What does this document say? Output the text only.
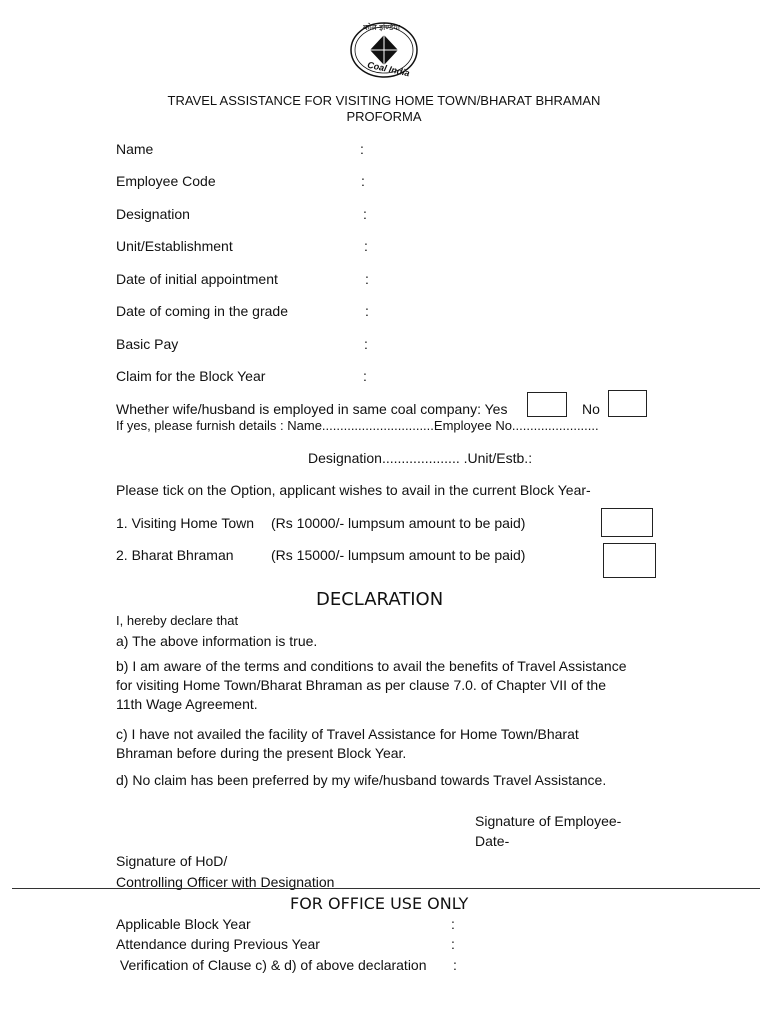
कोल इण्डिया
Coal India
TRAVEL ASSISTANCE FOR VISITING HOME TOWN/BHARAT BHRAMAN
PROFORMA
Name	:
Employee Code	:
Designation	:
Unit/Establishment	:
Date of initial appointment	:
Date of coming in the grade	:
Basic Pay	:
Claim for the Block Year	:
Whether wife/husband is employed in same coal company: Yes	No
If yes, please furnish details : Name...............................Employee No........................
Designation.................... .Unit/Estb.:
Please tick on the Option, applicant wishes to avail in the current Block Year-
1. Visiting Home Town (Rs 10000/- lumpsum amount to be paid)
2. Bharat Bhraman	(Rs 15000/- lumpsum amount to be paid)
DECLARATION
I, hereby declare that
a) The above information is true.
b) I am aware of the terms and conditions to avail the benefits of Travel Assistance
for visiting Home Town/Bharat Bhraman as per clause 7.0. of Chapter VII of the
11th Wage Agreement.
c) I have not availed the facility of Travel Assistance for Home Town/Bharat
Bhraman before during the present Block Year.
d) No claim has been preferred by my wife/husband towards Travel Assistance.
Signature of Employee-
Date-
Signature of HoD/
Controlling Officer with Designation
FOR OFFICE USE ONLY
Applicable Block Year	:
Attendance during Previous Year	:
Verification of Clause c) & d) of above declaration :
